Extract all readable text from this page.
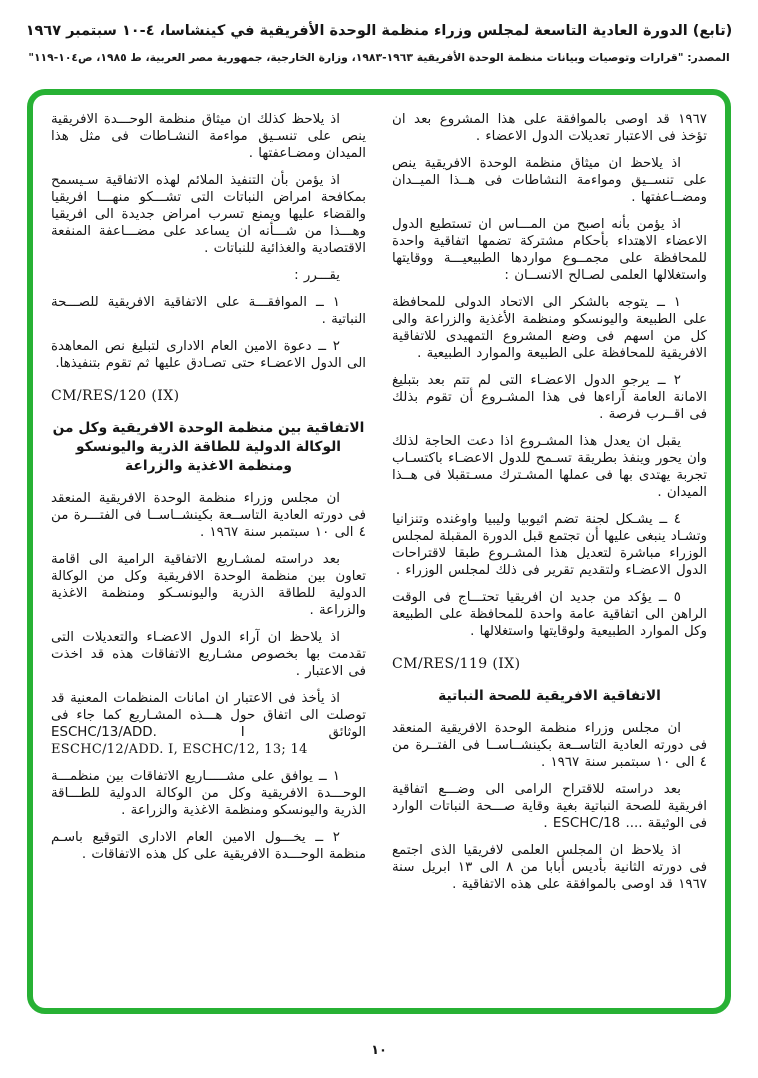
(تابع) الدورة العادية التاسعة لمجلس وزراء منظمة الوحدة الأفريقية في كينشاسا، ٤-١٠ سبتمبر ١٩٦٧
المصدر: "قرارات وتوصيات وبيانات منظمة الوحدة الأفريقية ١٩٦٣-١٩٨٣، وزارة الخارجية، جمهورية مصر العربية، ط ١٩٨٥، ص١٠٤-١١٩"

١٩٦٧ قد اوصى بالموافقة على هذا المشروع بعد ان تؤخذ فى الاعتبار تعديلات الدول الاعضاء .

اذ يلاحظ ان ميثاق منظمة الوحدة الافريقية ينص على تنســيق ومواءمة النشاطات فى هــذا الميــدان ومضــاعفتها .

اذ يؤمن بأنه اصبح من المـــاس ان تستطيع الدول الاعضاء الاهتداء بأحكام مشتركة تضمها اتفاقية واحدة للمحافظة على مجمــوع مواردها الطبيعيـــة ووقايتها واستغلالها العلمى لصـالح الانســان :

١ ــ يتوجه بالشكر الى الاتحاد الدولى للمحافظة على الطبيعة واليونسكو ومنظمة الأغذية والزراعة والى كل من اسهم فى وضع المشروع التمهيدى للاتفاقية الافريقية للمحافظة على الطبيعة والموارد الطبيعية .

٢ ــ يرجو الدول الاعضـاء التى لم تتم بعد بتبليغ الامانة العامة آراءها فى هذا المشـروع أن تقوم بذلك فى اقــرب فرصة .

يقبل ان يعدل هذا المشـروع اذا دعت الحاجة لذلك وان يحور وينفذ بطريقة تسـمح للدول الاعضـاء باكتسـاب تجربة يهتدى بها فى عملها المشـترك مسـتقبلا فى هــذا الميدان .

٤ ــ يشـكل لجنة تضم اثيوبيا وليبيا واوغنده وتنزانيا وتشـاد ينبغى عليها أن تجتمع قبل الدورة المقبلة لمجلس الوزراء مباشرة لتعديل هذا المشـروع طبقا لاقتراحات الدول الاعضـاء ولتقديم تقرير فى ذلك لمجلس الوزراء .

٥ ــ يؤكد من جديد ان افريقيا تحتـــاج فى الوقت الراهن الى اتفاقية عامة واحدة للمحافظة على الطبيعة وكل الموارد الطبيعية ولوقايتها واستغلالها .

CM/RES/119 (IX)

الاتفاقية الافريقية للصحة النباتية

ان مجلس وزراء منظمة الوحدة الافريقية المنعقد فى دورته العادية التاســعة بكينشــاســا فى الفتــرة من ٤ الى ١٠ سبتمبر سنة ١٩٦٧ .

بعد دراسته للاقتراح الرامى الى وضـــع اتفاقية افريقية للصحة النباتية بغية وقاية صـــحة النباتات الوارد فى الوثيقة .... ESCHC/18 .

اذ يلاحظ ان المجلس العلمى لافريقيا الذى اجتمع فى دورته الثانية بأديس أبابا من ٨ الى ١٣ ابريل سنة ١٩٦٧ قد اوصى بالموافقة على هذه الاتفاقية .

اذ يلاحظ كذلك ان ميثاق منظمة الوحـــدة الافريقية ينص على تنسـيق مواءمة النشـاطات فى مثل هذا الميدان ومضـاعفتها .

اذ يؤمن بأن التنفيذ الملائم لهذه الاتفاقية سـيسمح بمكافحة امراض النباتات التى تشـــكو منهـــا افريقيا والقضاء عليها ويمنع تسرب امراض جديدة الى افريقيا وهـــذا من شـــأنه ان يساعد على مضـــاعفة المنفعة الاقتصادية والغذائية للنباتات .

يقـــرر :

١ ــ الموافقـــة على الاتفاقية الافريقية للصـــحة النباتية .

٢ ــ دعوة الامين العام الادارى لتبليغ نص المعاهدة الى الدول الاعضـاء حتى تصـادق عليها ثم تقوم بتنفيذها.

CM/RES/120 (IX)

الاتفاقية بين منظمة الوحدة الافريقية وكل من الوكالة الدولية للطاقة الذرية واليونسكو ومنظمة الاغذية والزراعة

ان مجلس وزراء منظمة الوحدة الافريقية المنعقد فى دورته العادية التاســعة بكينشــاســا فى الفتـــرة من ٤ الى ١٠ سبتمبر سنة ١٩٦٧ .

بعد دراسته لمشـاريع الاتفاقية الرامية الى اقامة تعاون بين منظمة الوحدة الافريقية وكل من الوكالة الدولية للطاقة الذرية واليونسـكو ومنظمة الاغذية والزراعة .

اذ يلاحظ ان آراء الدول الاعضـاء والتعديلات التى تقدمت بها بخصوص مشـاريع الاتفاقات هذه قد اخذت فى الاعتبار .

اذ يأخذ فى الاعتبار ان امانات المنظمات المعنية قد توصلت الى اتفاق حول هـــذه المشـاريع كما جاء فى الوثائق ESCHC/13/ADD. I

ESCHC/12/ADD. I, ESCHC/12, 13; 14

١ ــ يوافق على مشـــــاريع الاتفاقات بين منظمـــة الوحـــدة الافريقية وكل من الوكالة الدولية للطـــاقة الذرية واليونسكو ومنظمة الاغذية والزراعة .

٢ ــ يخـــول الامين العام الادارى التوقيع باسـم منظمة الوحـــدة الافريقية على كل هذه الاتفاقات .

١٠
